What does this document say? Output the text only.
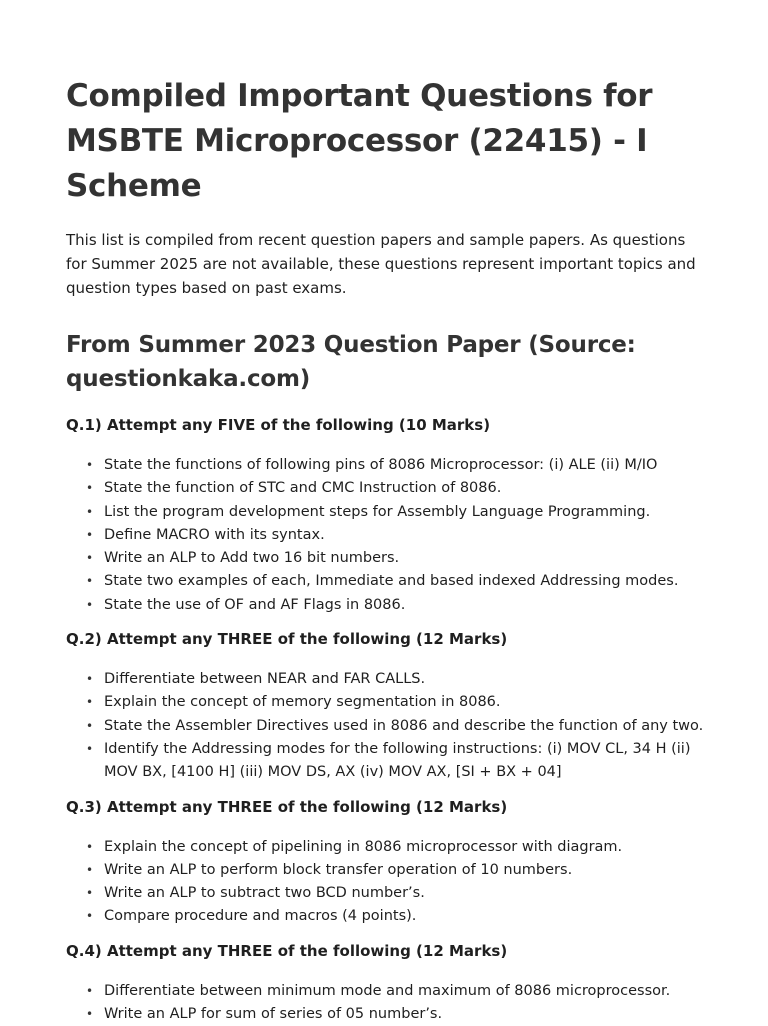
Compiled Important Questions for MSBTE Microprocessor (22415) - I Scheme

This list is compiled from recent question papers and sample papers. As questions for Summer 2025 are not available, these questions represent important topics and question types based on past exams.

From Summer 2023 Question Paper (Source: questionkaka.com)

Q.1) Attempt any FIVE of the following (10 Marks)

• State the functions of following pins of 8086 Microprocessor: (i) ALE (ii) M/IO
• State the function of STC and CMC Instruction of 8086.
• List the program development steps for Assembly Language Programming.
• Define MACRO with its syntax.
• Write an ALP to Add two 16 bit numbers.
• State two examples of each, Immediate and based indexed Addressing modes.
• State the use of OF and AF Flags in 8086.

Q.2) Attempt any THREE of the following (12 Marks)

• Differentiate between NEAR and FAR CALLS.
• Explain the concept of memory segmentation in 8086.
• State the Assembler Directives used in 8086 and describe the function of any two.
• Identify the Addressing modes for the following instructions: (i) MOV CL, 34 H (ii) MOV BX, [4100 H] (iii) MOV DS, AX (iv) MOV AX, [SI + BX + 04]

Q.3) Attempt any THREE of the following (12 Marks)

• Explain the concept of pipelining in 8086 microprocessor with diagram.
• Write an ALP to perform block transfer operation of 10 numbers.
• Write an ALP to subtract two BCD number’s.
• Compare procedure and macros (4 points).

Q.4) Attempt any THREE of the following (12 Marks)

• Differentiate between minimum mode and maximum of 8086 microprocessor.
• Write an ALP for sum of series of 05 number’s.
